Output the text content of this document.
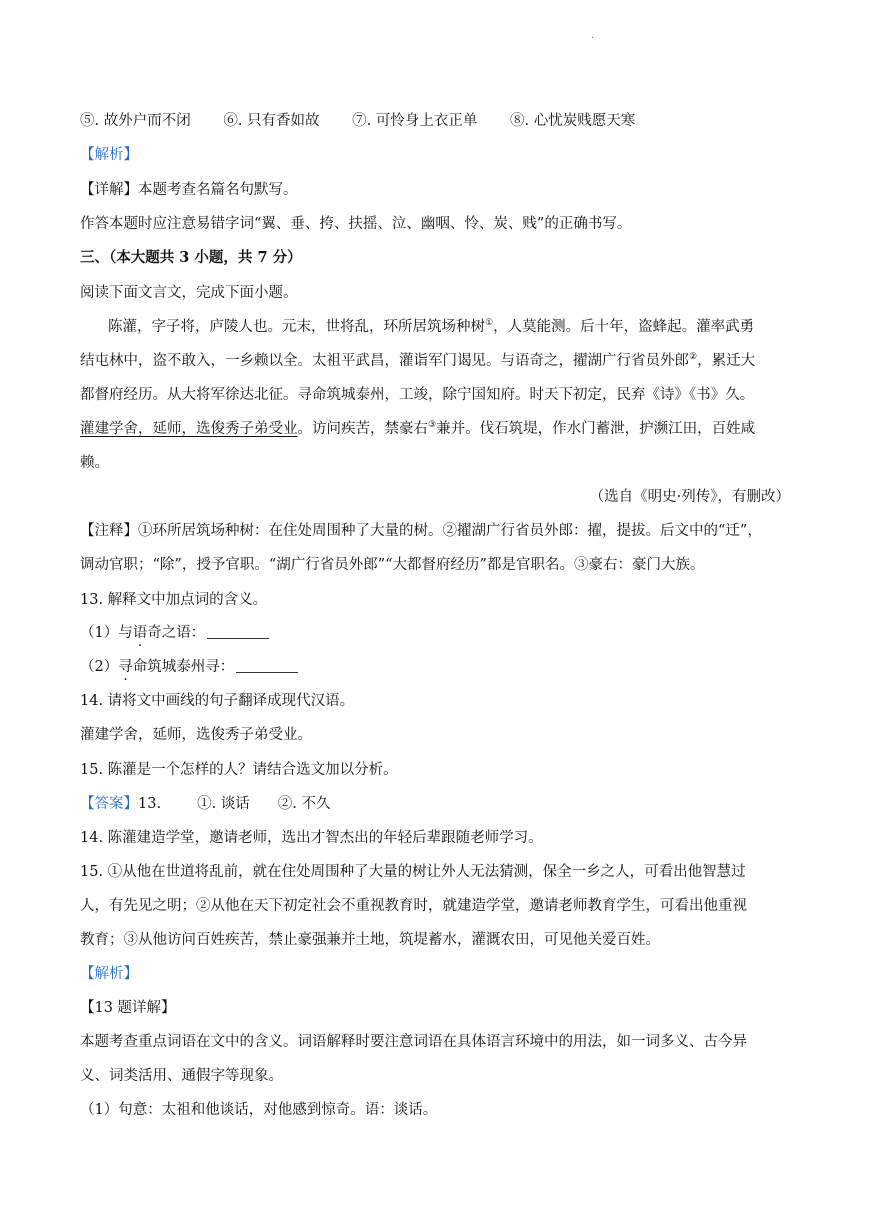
.
⑤. 故外户而不闭 ⑥. 只有香如故 ⑦. 可怜身上衣正单 ⑧. 心忧炭贱愿天寒
【解析】
【详解】本题考查名篇名句默写。
作答本题时应注意易错字词“翼、垂、挎、扶摇、泣、幽咽、怜、炭、贱”的正确书写。
三、（本大题共 3 小题，共 7 分）
阅读下面文言文，完成下面小题。
陈灌，字子将，庐陵人也。元末，世将乱，环所居筑场种树①，人莫能测。后十年，盗蜂起。灌率武勇
结屯林中，盗不敢入，一乡赖以全。太祖平武昌，灌诣军门谒见。与语奇之，擢湖广行省员外郎②，累迁大
都督府经历。从大将军徐达北征。寻命筑城泰州，工竣，除宁国知府。时天下初定，民弃《诗》《书》久。
灌建学舍，延师，选俊秀子弟受业。访问疾苦，禁豪右③兼并。伐石筑堤，作水门蓄泄，护濒江田，百姓咸
赖。
（选自《明史·列传》，有删改）
【注释】①环所居筑场种树：在住处周围种了大量的树。②擢湖广行省员外郎：擢，提拔。后文中的“迁”，
调动官职；“除”，授予官职。“湖广行省员外郎”“大都督府经历”都是官职名。③豪右：豪门大族。
13. 解释文中加点词的含义。
（1）与语奇之语：
（2）寻命筑城泰州寻：
14. 请将文中画线的句子翻译成现代汉语。
灌建学舍，延师，选俊秀子弟受业。
15. 陈灌是一个怎样的人？请结合选文加以分析。
【答案】13. ①. 谈话 ②. 不久
14. 陈灌建造学堂，邀请老师，选出才智杰出的年轻后辈跟随老师学习。
15. ①从他在世道将乱前，就在住处周围种了大量的树让外人无法猜测，保全一乡之人，可看出他智慧过
人，有先见之明；②从他在天下初定社会不重视教育时，就建造学堂，邀请老师教育学生，可看出他重视
教育；③从他访问百姓疾苦，禁止豪强兼并土地，筑堤蓄水，灌溉农田，可见他关爱百姓。
【解析】
【13 题详解】
本题考查重点词语在文中的含义。词语解释时要注意词语在具体语言环境中的用法，如一词多义、古今异
义、词类活用、通假字等现象。
（1）句意：太祖和他谈话，对他感到惊奇。语：谈话。
